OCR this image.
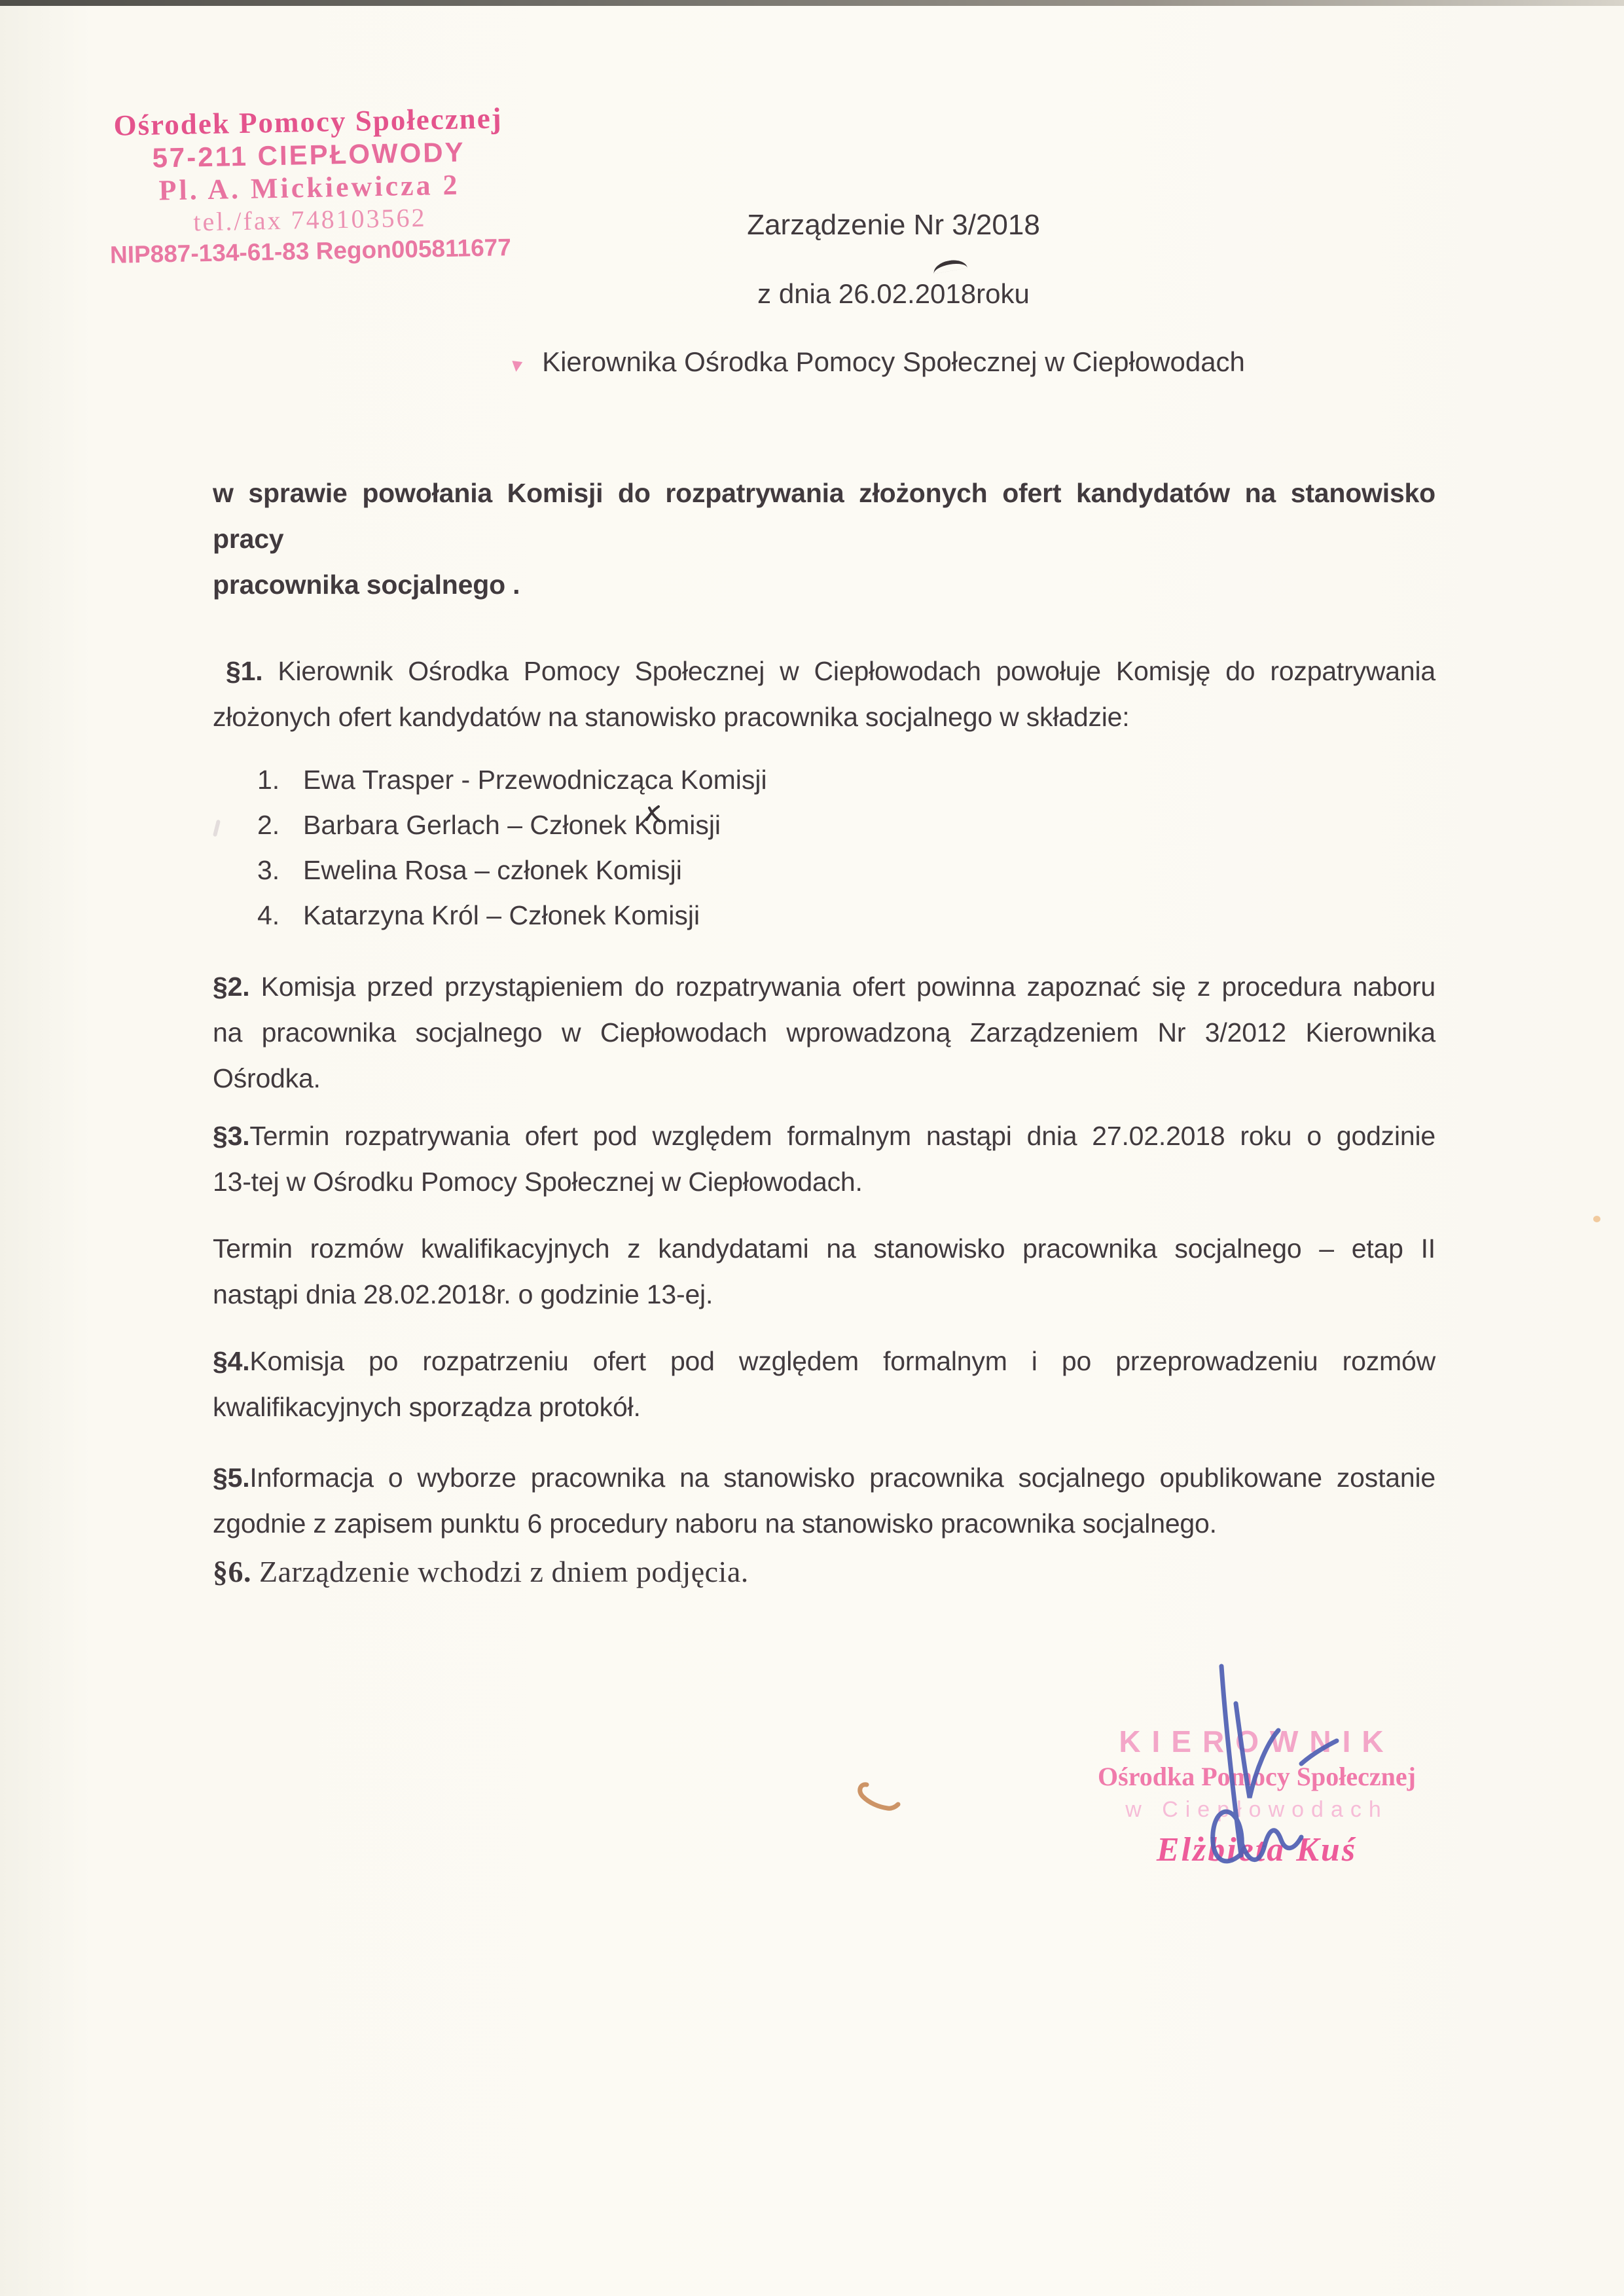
Ośrodek Pomocy Społecznej
57-211 CIEPŁOWODY
Pl. A. Mickiewicza 2
tel./fax 748103562
NIP887-134-61-83 Regon005811677
Zarządzenie Nr 3/2018
z dnia 26.02.2018roku
Kierownika Ośrodka Pomocy Społecznej w Ciepłowodach
w sprawie powołania Komisji do rozpatrywania złożonych ofert kandydatów na stanowisko pracy
pracownika socjalnego .
§1. Kierownik Ośrodka Pomocy Społecznej w Ciepłowodach powołuje Komisję do rozpatrywania
złożonych ofert kandydatów na stanowisko pracownika socjalnego w składzie:
1. Ewa Trasper - Przewodnicząca Komisji
2. Barbara Gerlach – Członek Komisji
3. Ewelina Rosa – członek Komisji
4. Katarzyna Król – Członek Komisji
§2. Komisja przed przystąpieniem do rozpatrywania ofert powinna zapoznać się z procedura naboru
na pracownika socjalnego w Ciepłowodach wprowadzoną Zarządzeniem Nr 3/2012 Kierownika
Ośrodka.
§3.Termin rozpatrywania ofert pod względem formalnym nastąpi dnia 27.02.2018 roku o godzinie
13-tej w Ośrodku Pomocy Społecznej w Ciepłowodach.
Termin rozmów kwalifikacyjnych z kandydatami na stanowisko pracownika socjalnego – etap II
nastąpi dnia 28.02.2018r. o godzinie 13-ej.
§4.Komisja po rozpatrzeniu ofert pod względem formalnym i po przeprowadzeniu rozmów
kwalifikacyjnych sporządza protokół.
§5.Informacja o wyborze pracownika na stanowisko pracownika socjalnego opublikowane zostanie
zgodnie z zapisem punktu 6 procedury naboru na stanowisko pracownika socjalnego.
§6. Zarządzenie wchodzi z dniem podjęcia.
KIEROWNIK
Ośrodka Pomocy Społecznej
w Ciepłowodach
Elżbieta Kuś
